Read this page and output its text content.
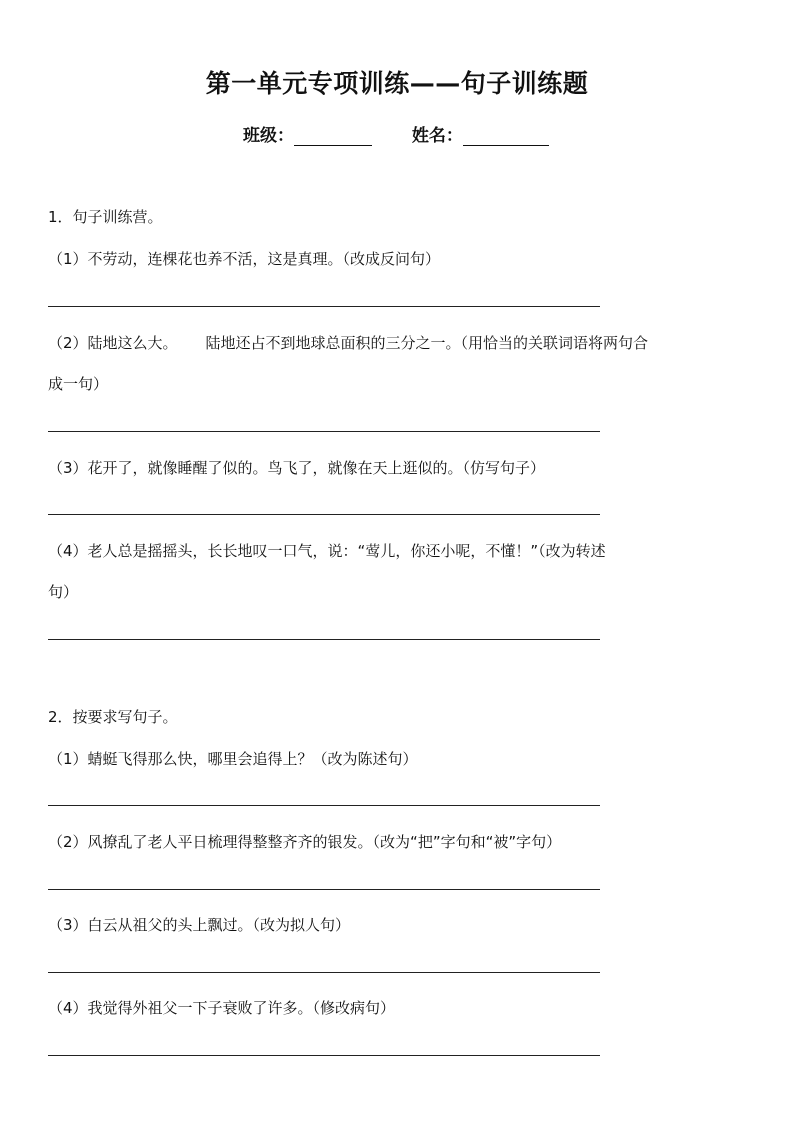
第一单元专项训练——句子训练题
班级：	姓名：
1．句子训练营。
（1）不劳动，连棵花也养不活，这是真理。（改成反问句）
（2）陆地这么大。 陆地还占不到地球总面积的三分之一。（用恰当的关联词语将两句合
成一句）
（3）花开了，就像睡醒了似的。鸟飞了，就像在天上逛似的。（仿写句子）
（4）老人总是摇摇头，长长地叹一口气，说：“莺儿，你还小呢，不懂！”（改为转述
句）
2．按要求写句子。
（1）蜻蜓飞得那么快，哪里会追得上？（改为陈述句）
（2）风撩乱了老人平日梳理得整整齐齐的银发。（改为“把”字句和“被”字句）
（3）白云从祖父的头上飘过。（改为拟人句）
（4）我觉得外祖父一下子衰败了许多。（修改病句）
